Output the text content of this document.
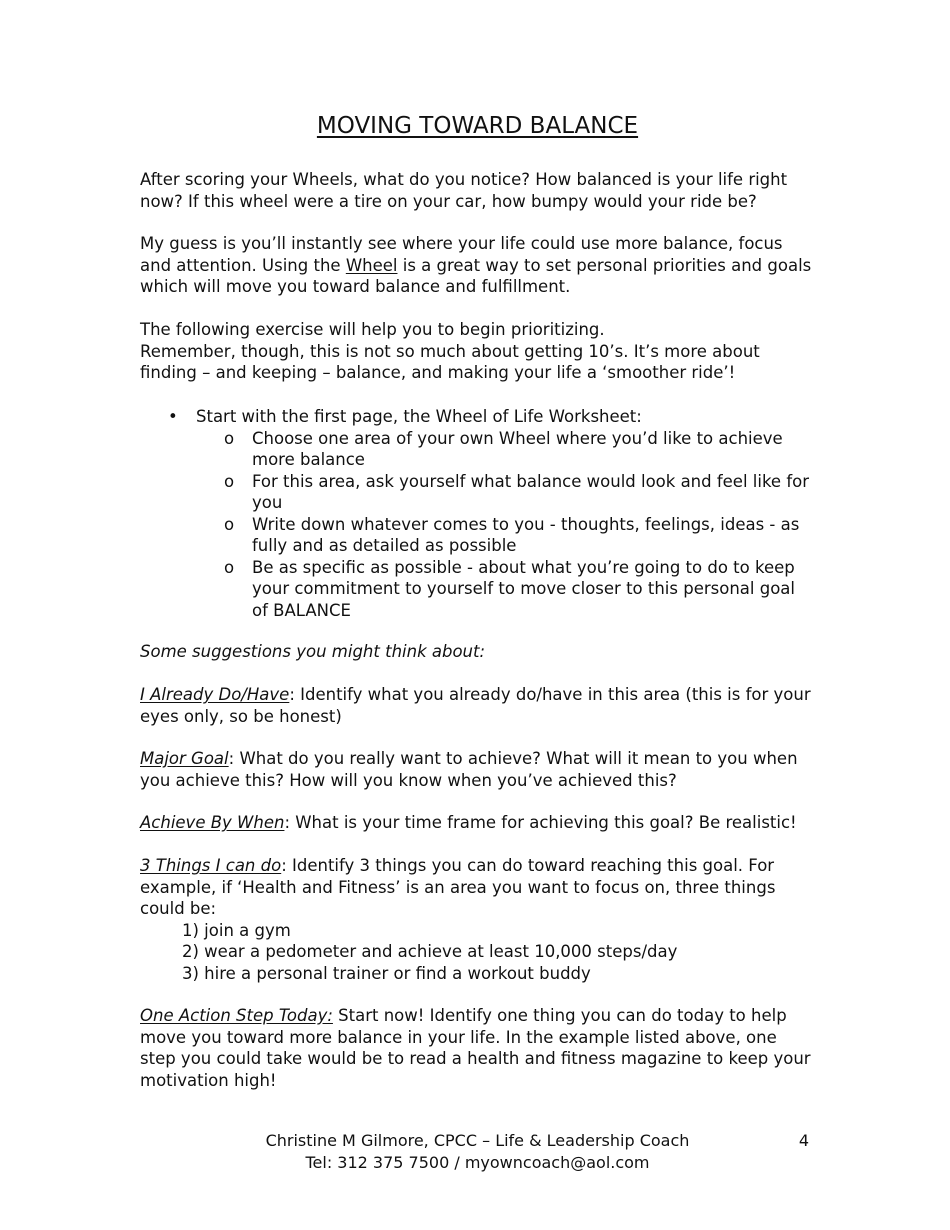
MOVING TOWARD BALANCE

After scoring your Wheels, what do you notice? How balanced is your life right now? If this wheel were a tire on your car, how bumpy would your ride be?

My guess is you’ll instantly see where your life could use more balance, focus and attention. Using the Wheel is a great way to set personal priorities and goals which will move you toward balance and fulfillment.

The following exercise will help you to begin prioritizing.

Remember, though, this is not so much about getting 10’s. It’s more about finding – and keeping – balance, and making your life a ‘smoother ride’!

• Start with the first page, the Wheel of Life Worksheet:
o Choose one area of your own Wheel where you’d like to achieve more balance
o For this area, ask yourself what balance would look and feel like for you
o Write down whatever comes to you - thoughts, feelings, ideas - as fully and as detailed as possible
o Be as specific as possible - about what you’re going to do to keep your commitment to yourself to move closer to this personal goal of BALANCE

Some suggestions you might think about:

I Already Do/Have: Identify what you already do/have in this area (this is for your eyes only, so be honest)

Major Goal: What do you really want to achieve? What will it mean to you when you achieve this? How will you know when you’ve achieved this?

Achieve By When: What is your time frame for achieving this goal? Be realistic!

3 Things I can do: Identify 3 things you can do toward reaching this goal. For example, if ‘Health and Fitness’ is an area you want to focus on, three things could be:

1) join a gym

2) wear a pedometer and achieve at least 10,000 steps/day

3) hire a personal trainer or find a workout buddy

One Action Step Today: Start now! Identify one thing you can do today to help move you toward more balance in your life. In the example listed above, one step you could take would be to read a health and fitness magazine to keep your motivation high!

Christine M Gilmore, CPCC – Life & Leadership Coach
Tel: 312 375 7500 / myowncoach@aol.com
4
